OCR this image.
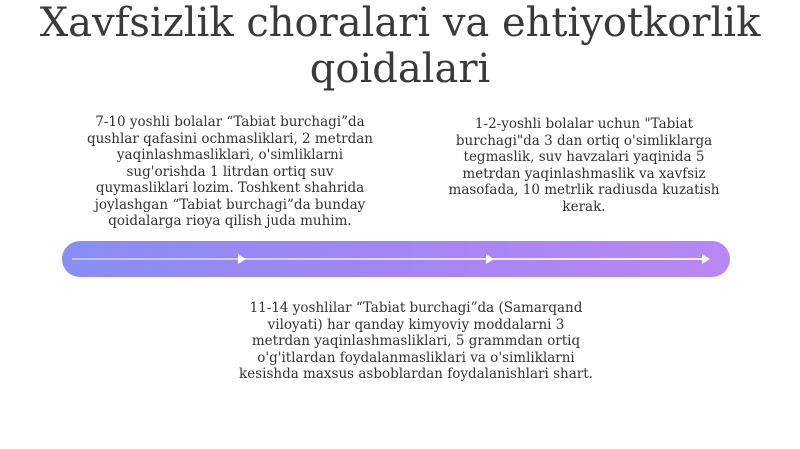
Xavfsizlik choralari va ehtiyotkorlik qoidalari
7-10 yoshli bolalar “Tabiat burchagi”da qushlar qafasini ochmasliklari, 2 metrdan yaqinlashmasliklari, o'simliklarni sug'orishda 1 litrdan ortiq suv quymasliklari lozim. Toshkent shahrida joylashgan “Tabiat burchagi”da bunday qoidalarga rioya qilish juda muhim.
1-2-yoshli bolalar uchun "Tabiat burchagi"da 3 dan ortiq o'simliklarga tegmaslik, suv havzalari yaqinida 5 metrdan yaqinlashmaslik va xavfsiz masofada, 10 metrlik radiusda kuzatish kerak.
11-14 yoshlilar “Tabiat burchagi”da (Samarqand viloyati) har qanday kimyoviy moddalarni 3 metrdan yaqinlashmasliklari, 5 grammdan ortiq o'g'itlardan foydalanmasliklari va o'simliklarni kesishda maxsus asboblardan foydalanishlari shart.
